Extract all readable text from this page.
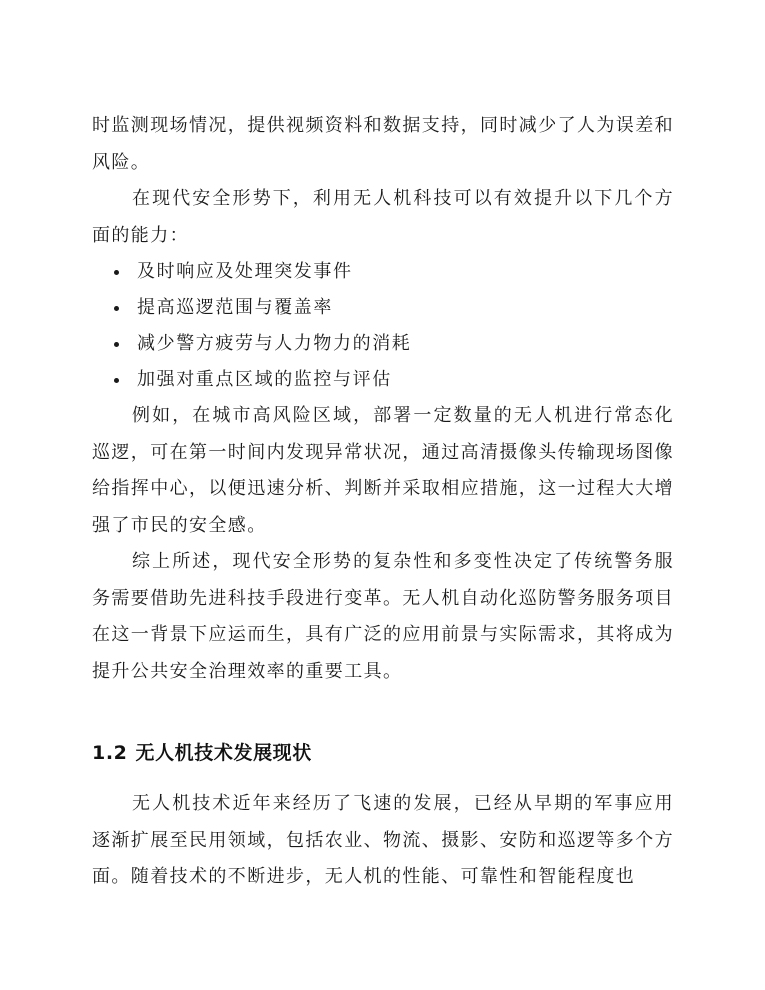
时监测现场情况，提供视频资料和数据支持，同时减少了人为误差和风险。

在现代安全形势下，利用无人机科技可以有效提升以下几个方面的能力：

及时响应及处理突发事件
提高巡逻范围与覆盖率
减少警方疲劳与人力物力的消耗
加强对重点区域的监控与评估

例如，在城市高风险区域，部署一定数量的无人机进行常态化巡逻，可在第一时间内发现异常状况，通过高清摄像头传输现场图像给指挥中心，以便迅速分析、判断并采取相应措施，这一过程大大增强了市民的安全感。

综上所述，现代安全形势的复杂性和多变性决定了传统警务服务需要借助先进科技手段进行变革。无人机自动化巡防警务服务项目在这一背景下应运而生，具有广泛的应用前景与实际需求，其将成为提升公共安全治理效率的重要工具。

1.2 无人机技术发展现状

无人机技术近年来经历了飞速的发展，已经从早期的军事应用逐渐扩展至民用领域，包括农业、物流、摄影、安防和巡逻等多个方面。随着技术的不断进步，无人机的性能、可靠性和智能程度也
